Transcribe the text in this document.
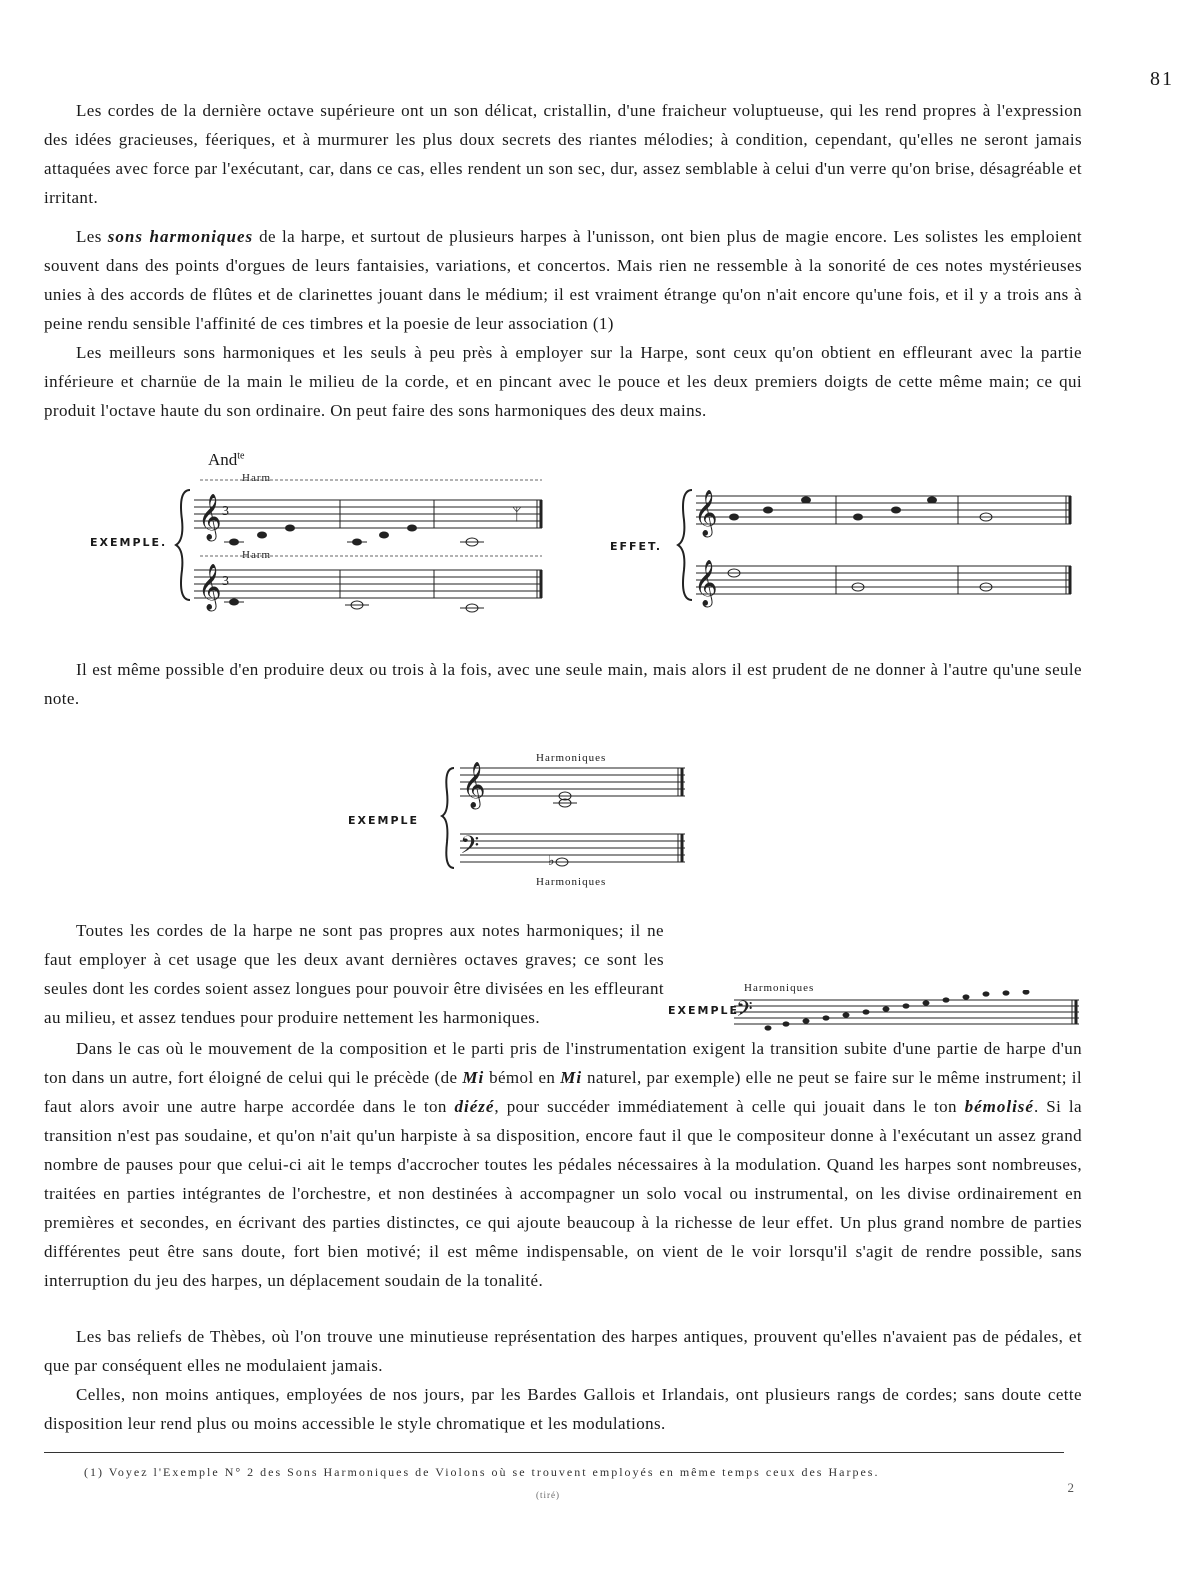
81

Les cordes de la dernière octave supérieure ont un son délicat, cristallin, d'une fraicheur voluptueuse, qui les rend propres à l'expression des idées gracieuses, féeriques, et à murmurer les plus doux secrets des riantes mélodies; à condition, cependant, qu'elles ne seront jamais attaquées avec force par l'exécutant, car, dans ce cas, elles rendent un son sec, dur, assez semblable à celui d'un verre qu'on brise, désagréable et irritant.

Les sons harmoniques de la harpe, et surtout de plusieurs harpes à l'unisson, ont bien plus de magie encore. Les solistes les emploient souvent dans des points d'orgues de leurs fantaisies, variations, et concertos. Mais rien ne ressemble à la sonorité de ces notes mystérieuses unies à des accords de flûtes et de clarinettes jouant dans le médium; il est vraiment étrange qu'on n'ait encore qu'une fois, et il y a trois ans à peine rendu sensible l'affinité de ces timbres et la poesie de leur association (1)

Les meilleurs sons harmoniques et les seuls à peu près à employer sur la Harpe, sont ceux qu'on obtient en effleurant avec la partie inférieure et charnüe de la main le milieu de la corde, et en pincant avec le pouce et les deux premiers doigts de cette même main; ce qui produit l'octave haute du son ordinaire. On peut faire des sons harmoniques des deux mains.

And$^{te}$
Harm
Harm
EXEMPLE.	EFFET.
𝄞 3	ᛉ
𝄞 3
𝄞
𝄞

Il est même possible d'en produire deux ou trois à la fois, avec une seule main, mais alors il est prudent de ne donner à l'autre qu'une seule note.

Harmoniques
Harmoniques
EXEMPLE
𝄞
𝄢	♭

Toutes les cordes de la harpe ne sont pas propres aux notes harmoniques; il ne faut employer à cet usage que les deux avant dernières octaves graves; ce sont les seules dont les cordes soient assez longues pour pouvoir être divisées en les effleurant au milieu, et assez tendues pour produire nettement les harmoniques.

Harmoniques
EXEMPLE.
𝄢

Dans le cas où le mouvement de la composition et le parti pris de l'instrumentation exigent la transition subite d'une partie de harpe d'un ton dans un autre, fort éloigné de celui qui le précède (de Mi bémol en Mi naturel, par exemple) elle ne peut se faire sur le même instrument; il faut alors avoir une autre harpe accordée dans le ton diézé, pour succéder immédiatement à celle qui jouait dans le ton bémolisé. Si la transition n'est pas soudaine, et qu'on n'ait qu'un harpiste à sa disposition, encore faut il que le compositeur donne à l'exécutant un assez grand nombre de pauses pour que celui-ci ait le temps d'accrocher toutes les pédales nécessaires à la modulation. Quand les harpes sont nombreuses, traitées en parties intégrantes de l'orchestre, et non destinées à accompagner un solo vocal ou instrumental, on les divise ordinairement en premières et secondes, en écrivant des parties distinctes, ce qui ajoute beaucoup à la richesse de leur effet. Un plus grand nombre de parties différentes peut être sans doute, fort bien motivé; il est même indispensable, on vient de le voir lorsqu'il s'agit de rendre possible, sans interruption du jeu des harpes, un déplacement soudain de la tonalité.

Les bas reliefs de Thèbes, où l'on trouve une minutieuse représentation des harpes antiques, prouvent qu'elles n'avaient pas de pédales, et que par conséquent elles ne modulaient jamais.

Celles, non moins antiques, employées de nos jours, par les Bardes Gallois et Irlandais, ont plusieurs rangs de cordes; sans doute cette disposition leur rend plus ou moins accessible le style chromatique et les modulations.

(1) Voyez l'Exemple N° 2 des Sons Harmoniques de Violons où se trouvent employés en même temps ceux des Harpes.
(tiré)	2
